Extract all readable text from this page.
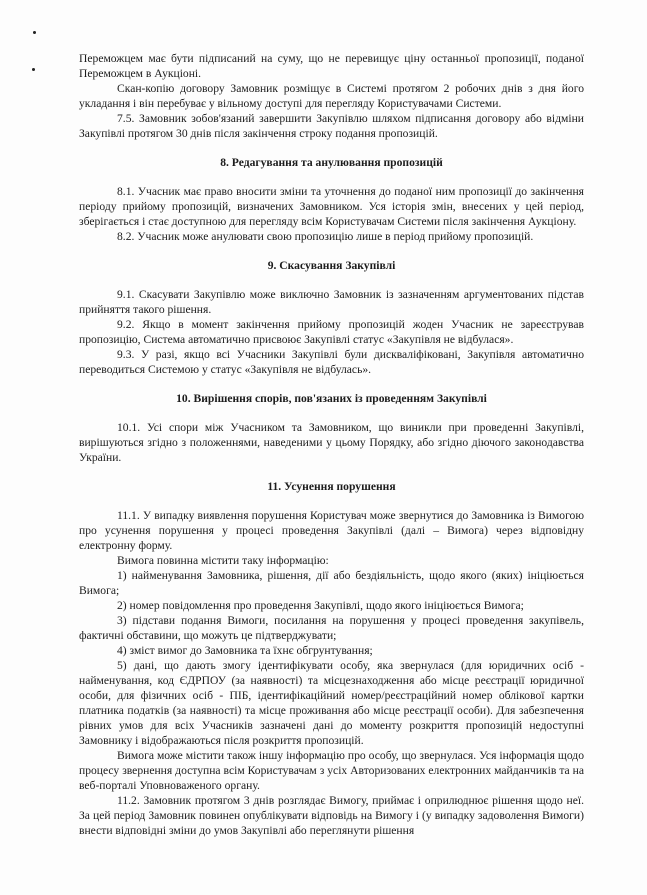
Переможцем має бути підписаний на суму, що не перевищує ціну останньої пропозиції, поданої Переможцем в Аукціоні.

Скан-копію договору Замовник розміщує в Системі протягом 2 робочих днів з дня його укладання і він перебуває у вільному доступі для перегляду Користувачами Системи.

7.5. Замовник зобов'язаний завершити Закупівлю шляхом підписання договору або відміни Закупівлі протягом 30 днів після закінчення строку подання пропозицій.

8. Редагування та анулювання пропозицій

8.1. Учасник має право вносити зміни та уточнення до поданої ним пропозиції до закінчення періоду прийому пропозицій, визначених Замовником. Уся історія змін, внесених у цей період, зберігається і стає доступною для перегляду всім Користувачам Системи після закінчення Аукціону.

8.2. Учасник може анулювати свою пропозицію лише в період прийому пропозицій.

9. Скасування Закупівлі

9.1. Скасувати Закупівлю може виключно Замовник із зазначенням аргументованих підстав прийняття такого рішення.

9.2. Якщо в момент закінчення прийому пропозицій жоден Учасник не зареєстрував пропозицію, Система автоматично присвоює Закупівлі статус «Закупівля не відбулася».

9.3. У разі, якщо всі Учасники Закупівлі були дискваліфіковані, Закупівля автоматично переводиться Системою у статус «Закупівля не відбулась».

10. Вирішення спорів, пов'язаних із проведенням Закупівлі

10.1. Усі спори між Учасником та Замовником, що виникли при проведенні Закупівлі, вирішуються згідно з положеннями, наведеними у цьому Порядку, або згідно діючого законодавства України.

11. Усунення порушення

11.1. У випадку виявлення порушення Користувач може звернутися до Замовника із Вимогою про усунення порушення у процесі проведення Закупівлі (далі – Вимога) через відповідну електронну форму.

Вимога повинна містити таку інформацію:

1) найменування Замовника, рішення, дії або бездіяльність, щодо якого (яких) ініціюється Вимога;

2) номер повідомлення про проведення Закупівлі, щодо якого ініціюється Вимога;

3) підстави подання Вимоги, посилання на порушення у процесі проведення закупівель, фактичні обставини, що можуть це підтверджувати;

4) зміст вимог до Замовника та їхнє обгрунтування;

5) дані, що дають змогу ідентифікувати особу, яка звернулася (для юридичних осіб - найменування, код ЄДРПОУ (за наявності) та місцезнаходження або місце реєстрації юридичної особи, для фізичних осіб - ПІБ, ідентифікаційний номер/реєстраційний номер облікової картки платника податків (за наявності) та місце проживання або місце реєстрації особи). Для забезпечення рівних умов для всіх Учасників зазначені дані до моменту розкриття пропозицій недоступні Замовнику і відображаються після розкриття пропозицій.

Вимога може містити також іншу інформацію про особу, що звернулася. Уся інформація щодо процесу звернення доступна всім Користувачам з усіх Авторизованих електронних майданчиків та на веб-порталі Уповноваженого органу.

11.2. Замовник протягом 3 днів розглядає Вимогу, приймає і оприлюднює рішення щодо неї. За цей період Замовник повинен опублікувати відповідь на Вимогу і (у випадку задоволення Вимоги) внести відповідні зміни до умов Закупівлі або переглянути рішення
